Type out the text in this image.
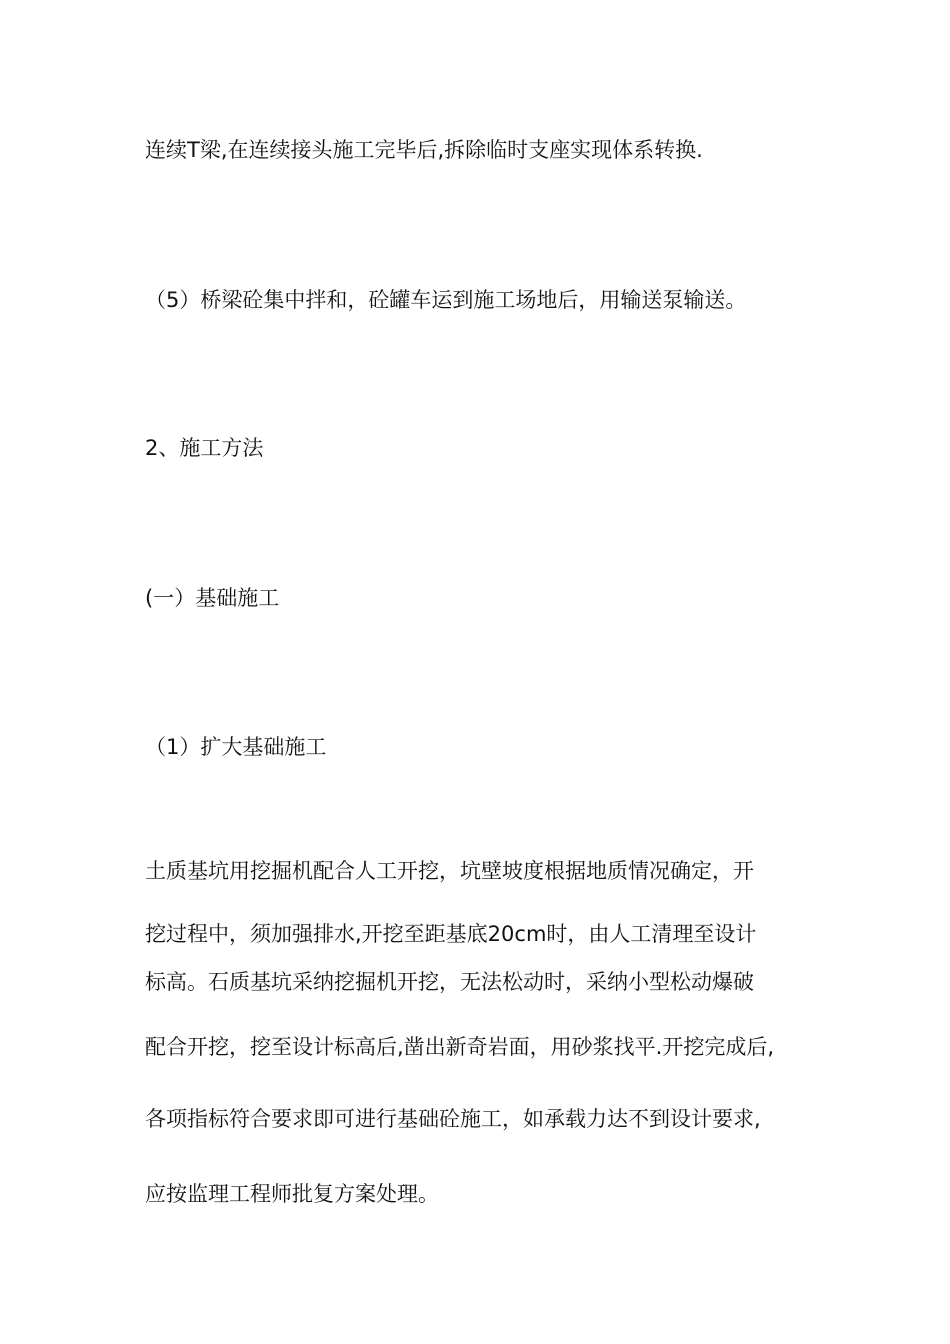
连续T梁,在连续接头施工完毕后,拆除临时支座实现体系转换.
（5）桥梁砼集中拌和，砼罐车运到施工场地后，用输送泵输送。
2、施工方法
(一）基础施工
（1）扩大基础施工
土质基坑用挖掘机配合人工开挖，坑壁坡度根据地质情况确定，开
挖过程中，须加强排水,开挖至距基底20cm时，由人工清理至设计
标高。石质基坑采纳挖掘机开挖，无法松动时，采纳小型松动爆破
配合开挖，挖至设计标高后,凿出新奇岩面，用砂浆找平.开挖完成后,
各项指标符合要求即可进行基础砼施工，如承载力达不到设计要求,
应按监理工程师批复方案处理。
